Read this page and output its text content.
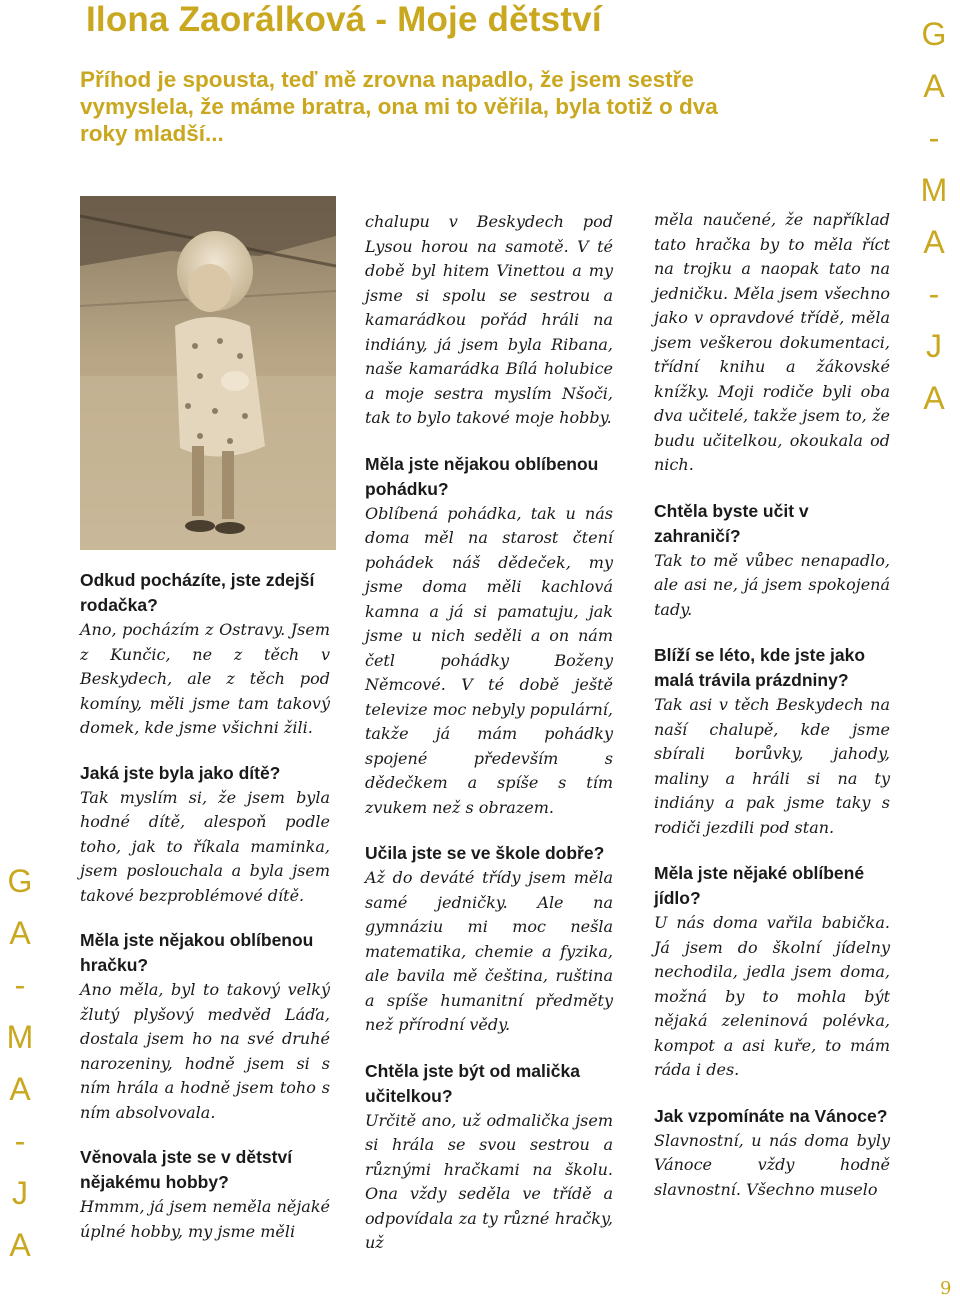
Ilona Zaorálková - Moje dětství

Příhod je spousta, teď mě zrovna napadlo, že jsem sestře vymyslela, že máme bratra, ona mi to věřila, byla totiž o dva roky mladší...

G
A
-
M
A
-
J
A
G
A
-
M
A
-
J
A

Odkud pocházíte, jste zdejší rodačka?

Ano, pocházím z Ostravy. Jsem z Kunčic, ne z těch v Beskydech, ale z těch pod komíny, měli jsme tam takový domek, kde jsme všichni žili.

Jaká jste byla jako dítě?

Tak myslím si, že jsem byla hodné dítě, alespoň podle toho, jak to říkala maminka, jsem poslouchala a byla jsem takové bezproblémové dítě.

Měla jste nějakou oblíbenou hračku?

Ano měla, byl to takový velký žlutý plyšový medvěd Láďa, dostala jsem ho na své druhé narozeniny, hodně jsem si s ním hrála a hodně jsem toho s ním absolvovala.

Věnovala jste se v dětství nějakému hobby?

Hmmm, já jsem neměla nějaké úplné hobby, my jsme měli

chalupu v Beskydech pod Lysou horou na samotě. V té době byl hitem Vinettou a my jsme si spolu se sestrou a kamarádkou pořád hráli na indiány, já jsem byla Ribana, naše kamarádka Bílá holubice a moje sestra myslím Nšoči, tak to bylo takové moje hobby.

Měla jste nějakou oblíbenou pohádku?

Oblíbená pohádka, tak u nás doma měl na starost čtení pohádek náš dědeček, my jsme doma měli kachlová kamna a já si pamatuju, jak jsme u nich seděli a on nám četl pohádky Boženy Němcové. V té době ještě televize moc nebyly populární, takže já mám pohádky spojené především s dědečkem a spíše s tím zvukem než s obrazem.

Učila jste se ve škole dobře?

Až do deváté třídy jsem měla samé jedničky. Ale na gymnáziu mi moc nešla matematika, chemie a fyzika, ale bavila mě čeština, ruština a spíše humanitní předměty než přírodní vědy.

Chtěla jste být od malička učitelkou?

Určitě ano, už odmalička jsem si hrála se svou sestrou a různými hračkami na školu. Ona vždy seděla ve třídě a odpovídala za ty různé hračky, už

měla naučené, že například tato hračka by to měla říct na trojku a naopak tato na jedničku. Měla jsem všechno jako v opravdové třídě, měla jsem veškerou dokumentaci, třídní knihu a žákovské knížky. Moji rodiče byli oba dva učitelé, takže jsem to, že budu učitelkou, okoukala od nich.

Chtěla byste učit v zahraničí?

Tak to mě vůbec nenapadlo, ale asi ne, já jsem spokojená tady.

Blíží se léto, kde jste jako malá trávila prázdniny?

Tak asi v těch Beskydech na naší chalupě, kde jsme sbírali borůvky, jahody, maliny a hráli si na ty indiány a pak jsme taky s rodiči jezdili pod stan.

Měla jste nějaké oblíbené jídlo?

U nás doma vařila babička. Já jsem do školní jídelny nechodila, jedla jsem doma, možná by to mohla být nějaká zeleninová polévka, kompot a asi kuře, to mám ráda i des.

Jak vzpomínáte na Vánoce?

Slavnostní, u nás doma byly Vánoce vždy hodně slavnostní. Všechno muselo

9
